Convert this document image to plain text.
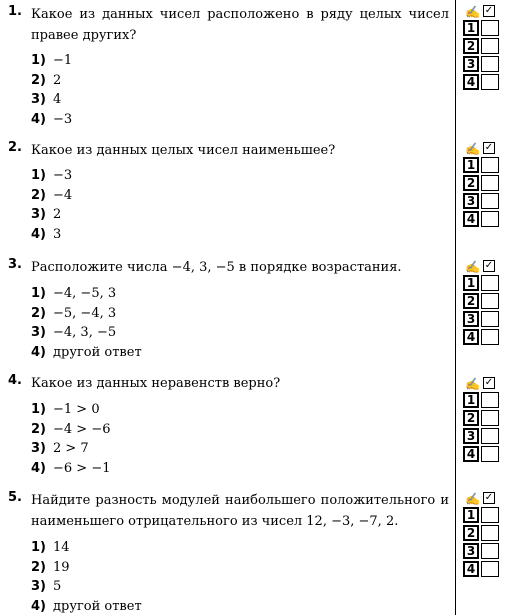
1. Какое из данных чисел расположено в ряду целых чисел правее других?
1) −1
2) 2
3) 4
4) −3
✍ ✓
1
2
3
4
2. Какое из данных целых чисел наименьшее?
1) −3
2) −4
3) 2
4) 3
✍ ✓
1
2
3
4
3. Расположите числа −4, 3, −5 в порядке возрастания.
1) −4, −5, 3
2) −5, −4, 3
3) −4, 3, −5
4) другой ответ
✍ ✓
1
2
3
4
4. Какое из данных неравенств верно?
1) −1 > 0
2) −4 > −6
3) 2 > 7
4) −6 > −1
✍ ✓
1
2
3
4
5. Найдите разность модулей наибольшего положительного и наименьшего отрицательного из чисел 12, −3, −7, 2.
1) 14
2) 19
3) 5
4) другой ответ
✍ ✓
1
2
3
4
